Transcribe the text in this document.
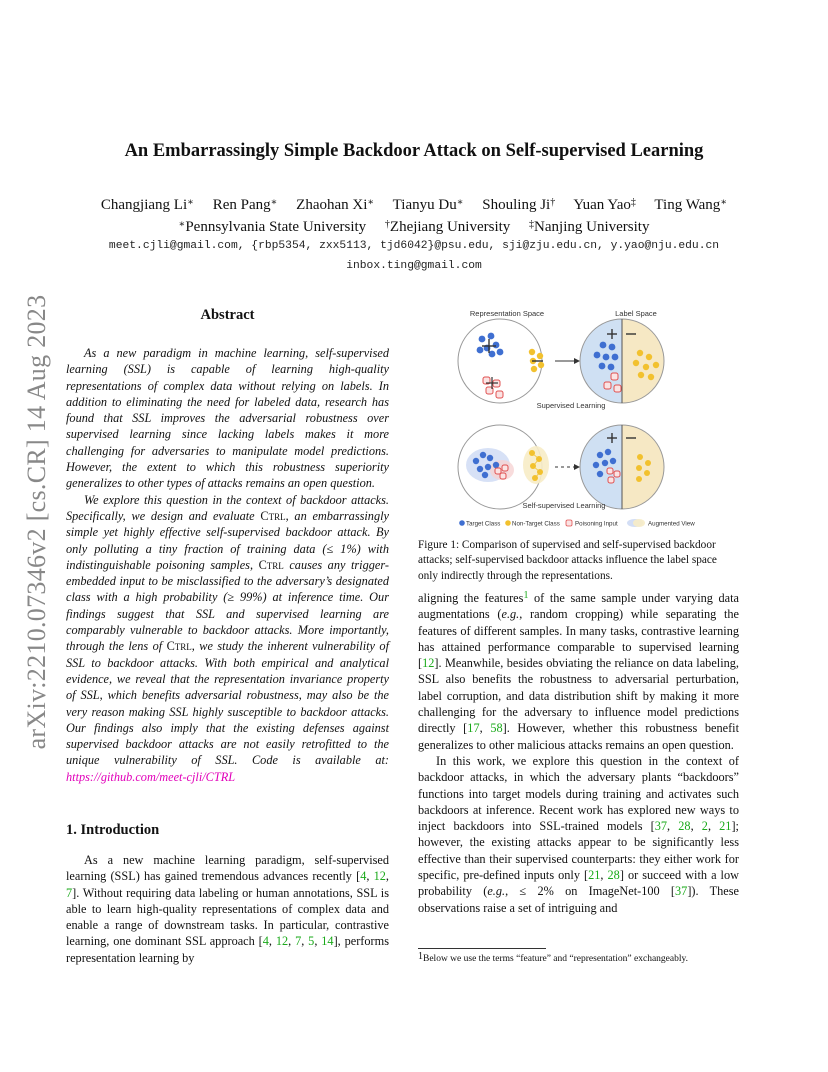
arXiv:2210.07346v2 [cs.CR] 14 Aug 2023
An Embarrassingly Simple Backdoor Attack on Self-supervised Learning
Changjiang Li∗ Ren Pang∗ Zhaohan Xi∗ Tianyu Du∗ Shouling Ji† Yuan Yao‡ Ting Wang∗
∗Pennsylvania State University †Zhejiang University ‡Nanjing University
meet.cjli@gmail.com, {rbp5354, zxx5113, tjd6042}@psu.edu, sji@zju.edu.cn, y.yao@nju.edu.cn
inbox.ting@gmail.com
Abstract

As a new paradigm in machine learning, self-supervised learning (SSL) is capable of learning high-quality representations of complex data without relying on labels. In addition to eliminating the need for labeled data, research has found that SSL improves the adversarial robustness over supervised learning since lacking labels makes it more challenging for adversaries to manipulate model predictions. However, the extent to which this robustness superiority generalizes to other types of attacks remains an open question.

We explore this question in the context of backdoor attacks. Specifically, we design and evaluate Ctrl, an embarrassingly simple yet highly effective self-supervised backdoor attack. By only polluting a tiny fraction of training data (≤ 1%) with indistinguishable poisoning samples, Ctrl causes any trigger-embedded input to be misclassified to the adversary’s designated class with a high probability (≥ 99%) at inference time. Our findings suggest that SSL and supervised learning are comparably vulnerable to backdoor attacks. More importantly, through the lens of Ctrl, we study the inherent vulnerability of SSL to backdoor attacks. With both empirical and analytical evidence, we reveal that the representation invariance property of SSL, which benefits adversarial robustness, may also be the very reason making SSL highly susceptible to backdoor attacks. Our findings also imply that the existing defenses against supervised backdoor attacks are not easily retrofitted to the unique vulnerability of SSL. Code is available at: https://github.com/meet-cjli/CTRL

1. Introduction

As a new machine learning paradigm, self-supervised learning (SSL) has gained tremendous advances recently [4, 12, 7]. Without requiring data labeling or human annotations, SSL is able to learn high-quality representations of complex data and enable a range of downstream tasks. In particular, contrastive learning, one dominant SSL approach [4, 12, 7, 5, 14], performs representation learning by

Representation Space	Label Space
Supervised Learning
Self-supervised Learning
Target Class Non-Target Class Poisoning Input	Augmented View
Figure 1: Comparison of supervised and self-supervised backdoor attacks; self-supervised backdoor attacks influence the label space only indirectly through the representations.

aligning the features$^1$ of the same sample under varying data augmentations (e.g., random cropping) while separating the features of different samples. In many tasks, contrastive learning has attained performance comparable to supervised learning [12]. Meanwhile, besides obviating the reliance on data labeling, SSL also benefits the robustness to adversarial perturbation, label corruption, and data distribution shift by making it more challenging for the adversary to influence model predictions directly [17, 58]. However, whether this robustness benefit generalizes to other malicious attacks remains an open question.

In this work, we explore this question in the context of backdoor attacks, in which the adversary plants “backdoors” functions into target models during training and activates such backdoors at inference. Recent work has explored new ways to inject backdoors into SSL-trained models [37, 28, 2, 21]; however, the existing attacks appear to be significantly less effective than their supervised counterparts: they either work for specific, pre-defined inputs only [21, 28] or succeed with a low probability (e.g., ≤ 2% on ImageNet-100 [37]). These observations raise a set of intriguing and

1Below we use the terms “feature” and “representation” exchangeably.
